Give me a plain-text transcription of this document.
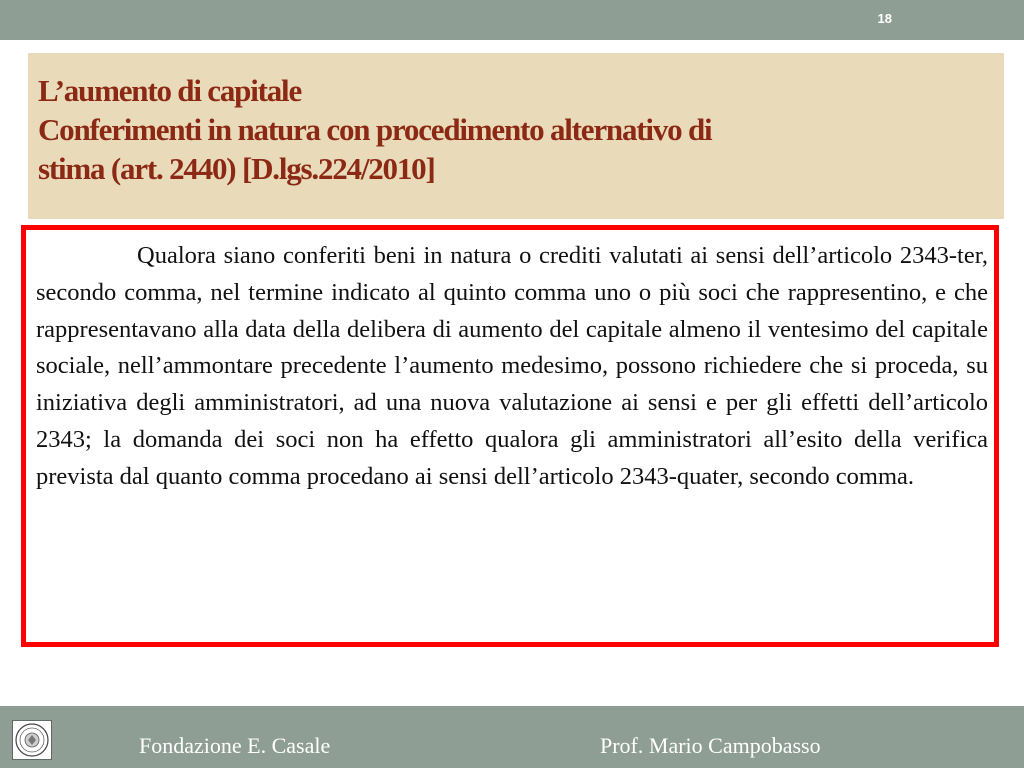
18
L’aumento di capitale
Conferimenti in natura con procedimento alternativo di
stima (art. 2440) [D.lgs.224/2010]

Qualora siano conferiti beni in natura o crediti valutati ai sensi dell’articolo 2343-ter, secondo comma, nel termine indicato al quinto comma uno o più soci che rappresentino, e che rappresentavano alla data della delibera di aumento del capitale almeno il ventesimo del capitale sociale, nell’ammontare precedente l’aumento medesimo, possono richiedere che si proceda, su iniziativa degli amministratori, ad una nuova valutazione ai sensi e per gli effetti dell’articolo 2343; la domanda dei soci non ha effetto qualora gli amministratori all’esito della verifica prevista dal quanto comma procedano ai sensi dell’articolo 2343-quater, secondo comma.

Fondazione E. Casale	Prof. Mario Campobasso
